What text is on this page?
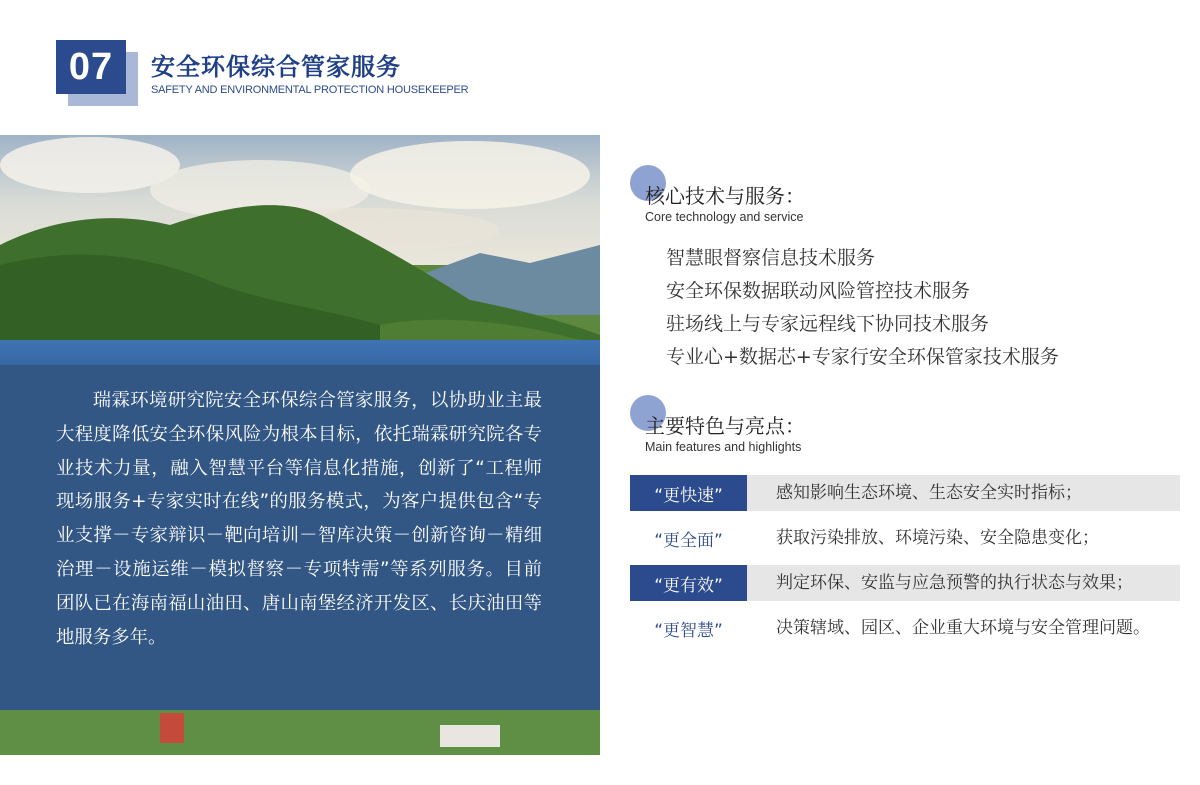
07	安全环保综合管家服务
SAFETY AND ENVIRONMENTAL PROTECTION HOUSEKEEPER

瑞霖环境研究院安全环保综合管家服务，以协助业主最大程度降低安全环保风险为根本目标，依托瑞霖研究院各专业技术力量，融入智慧平台等信息化措施，创新了“工程师现场服务+专家实时在线”的服务模式，为客户提供包含“专业支撑－专家辩识－靶向培训－智库决策－创新咨询－精细治理－设施运维－模拟督察－专项特需”等系列服务。目前团队已在海南福山油田、唐山南堡经济开发区、长庆油田等地服务多年。

核心技术与服务：
Core technology and service
智慧眼督察信息技术服务
安全环保数据联动风险管控技术服务
驻场线上与专家远程线下协同技术服务
专业心+数据芯+专家行安全环保管家技术服务
主要特色与亮点：
Main features and highlights
“更快速”	感知影响生态环境、生态安全实时指标；
“更全面”	获取污染排放、环境污染、安全隐患变化；
“更有效”	判定环保、安监与应急预警的执行状态与效果；
“更智慧”	决策辖域、园区、企业重大环境与安全管理问题。
